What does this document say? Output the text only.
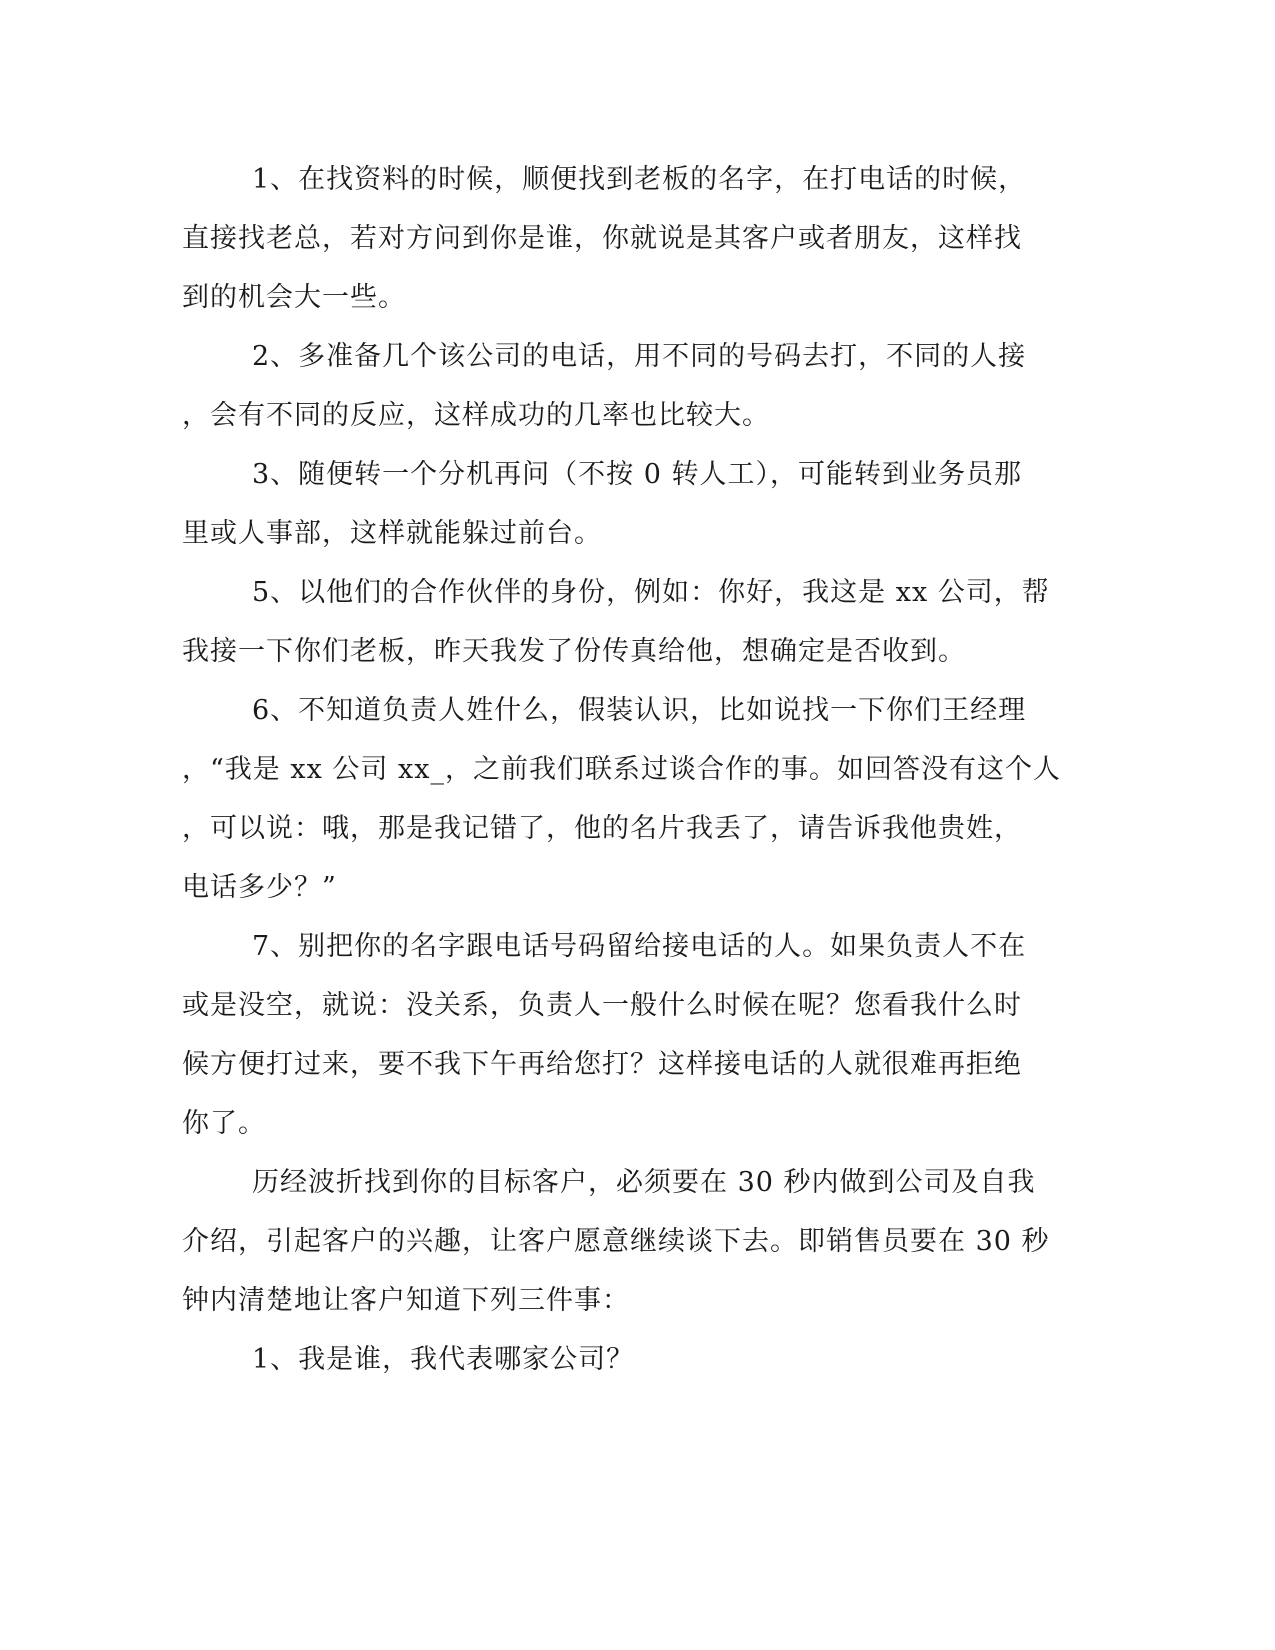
1、在找资料的时候，顺便找到老板的名字，在打电话的时候，
直接找老总，若对方问到你是谁，你就说是其客户或者朋友，这样找
到的机会大一些。
2、多准备几个该公司的电话，用不同的号码去打，不同的人接
，会有不同的反应，这样成功的几率也比较大。
3、随便转一个分机再问（不按 0 转人工），可能转到业务员那
里或人事部，这样就能躲过前台。
5、以他们的合作伙伴的身份，例如：你好，我这是 xx 公司，帮
我接一下你们老板，昨天我发了份传真给他，想确定是否收到。
6、不知道负责人姓什么，假装认识，比如说找一下你们王经理
，“我是 xx 公司 xx_，之前我们联系过谈合作的事。如回答没有这个人
，可以说：哦，那是我记错了，他的名片我丢了，请告诉我他贵姓，
电话多少？”
7、别把你的名字跟电话号码留给接电话的人。如果负责人不在
或是没空，就说：没关系，负责人一般什么时候在呢？您看我什么时
候方便打过来，要不我下午再给您打？这样接电话的人就很难再拒绝
你了。
历经波折找到你的目标客户，必须要在 30 秒内做到公司及自我
介绍，引起客户的兴趣，让客户愿意继续谈下去。即销售员要在 30 秒
钟内清楚地让客户知道下列三件事：
1、我是谁，我代表哪家公司？
